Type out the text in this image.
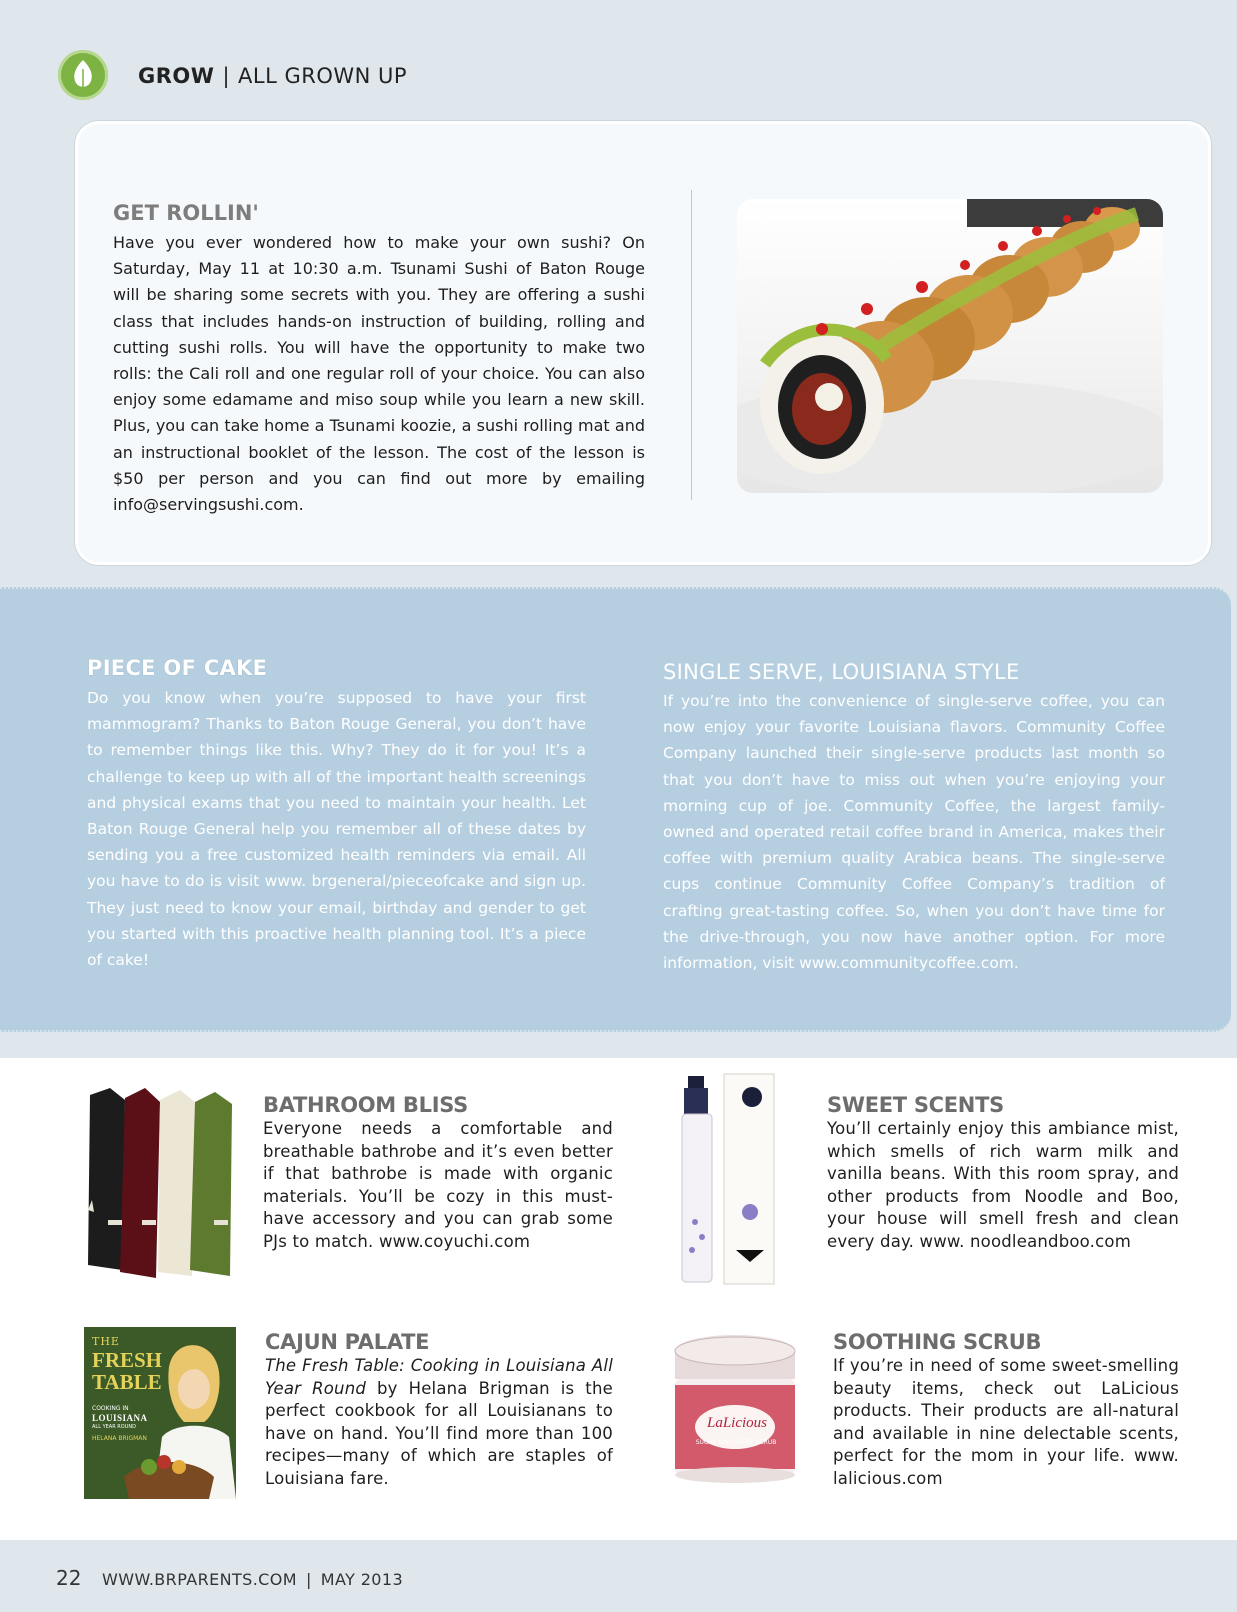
GROW | ALL GROWN UP
GET ROLLIN'
Have you ever wondered how to make your own sushi? On Saturday, May 11 at 10:30 a.m. Tsunami Sushi of Baton Rouge will be sharing some secrets with you. They are offering a sushi class that includes hands-on instruction of building, rolling and cutting sushi rolls. You will have the opportunity to make two rolls: the Cali roll and one regular roll of your choice. You can also enjoy some edamame and miso soup while you learn a new skill. Plus, you can take home a Tsunami koozie, a sushi rolling mat and an instructional booklet of the lesson. The cost of the lesson is $50 per person and you can find out more by emailing info@servingsushi.com.
PIECE OF CAKE
Do you know when you’re supposed to have your first mammogram? Thanks to Baton Rouge General, you don’t have to remember things like this. Why? They do it for you! It’s a challenge to keep up with all of the important health screenings and physical exams that you need to maintain your health. Let Baton Rouge General help you remember all of these dates by sending you a free customized health reminders via email. All you have to do is visit www. brgeneral/pieceofcake and sign up. They just need to know your email, birthday and gender to get you started with this proactive health planning tool. It’s a piece of cake!
SINGLE SERVE, LOUISIANA STYLE
If you’re into the convenience of single-serve coffee, you can now enjoy your favorite Louisiana flavors. Community Coffee Company launched their single-serve products last month so that you don’t have to miss out when you’re enjoying your morning cup of joe. Community Coffee, the largest family-owned and operated retail coffee brand in America, makes their coffee with premium quality Arabica beans. The single-serve cups continue Community Coffee Company’s tradition of crafting great-tasting coffee. So, when you don’t have time for the drive-through, you now have another option. For more information, visit www.communitycoffee.com.
BATHROOM BLISS
Everyone needs a comfortable and breathable bathrobe and it’s even better if that bathrobe is made with organic materials. You’ll be cozy in this must-have accessory and you can grab some PJs to match. www.coyuchi.com
SWEET SCENTS
You’ll certainly enjoy this ambiance mist, which smells of rich warm milk and vanilla beans. With this room spray, and other products from Noodle and Boo, your house will smell fresh and clean every day. www. noodleandboo.com
THE
FRESH TABLE
COOKING IN
LOUISIANA
ALL YEAR ROUND
HELANA BRIGMAN
CAJUN PALATE
The Fresh Table: Cooking in Louisiana All Year Round by Helana Brigman is the perfect cookbook for all Louisianans to have on hand. You’ll find more than 100 recipes—many of which are staples of Louisiana fare.
LaLicious
SUGAR KISS SUPER SCRUB
SOOTHING SCRUB
If you’re in need of some sweet-smelling beauty items, check out LaLicious products. Their products are all-natural and available in nine delectable scents, perfect for the mom in your life. www. lalicious.com
22 WWW.BRPARENTS.COM | MAY 2013
